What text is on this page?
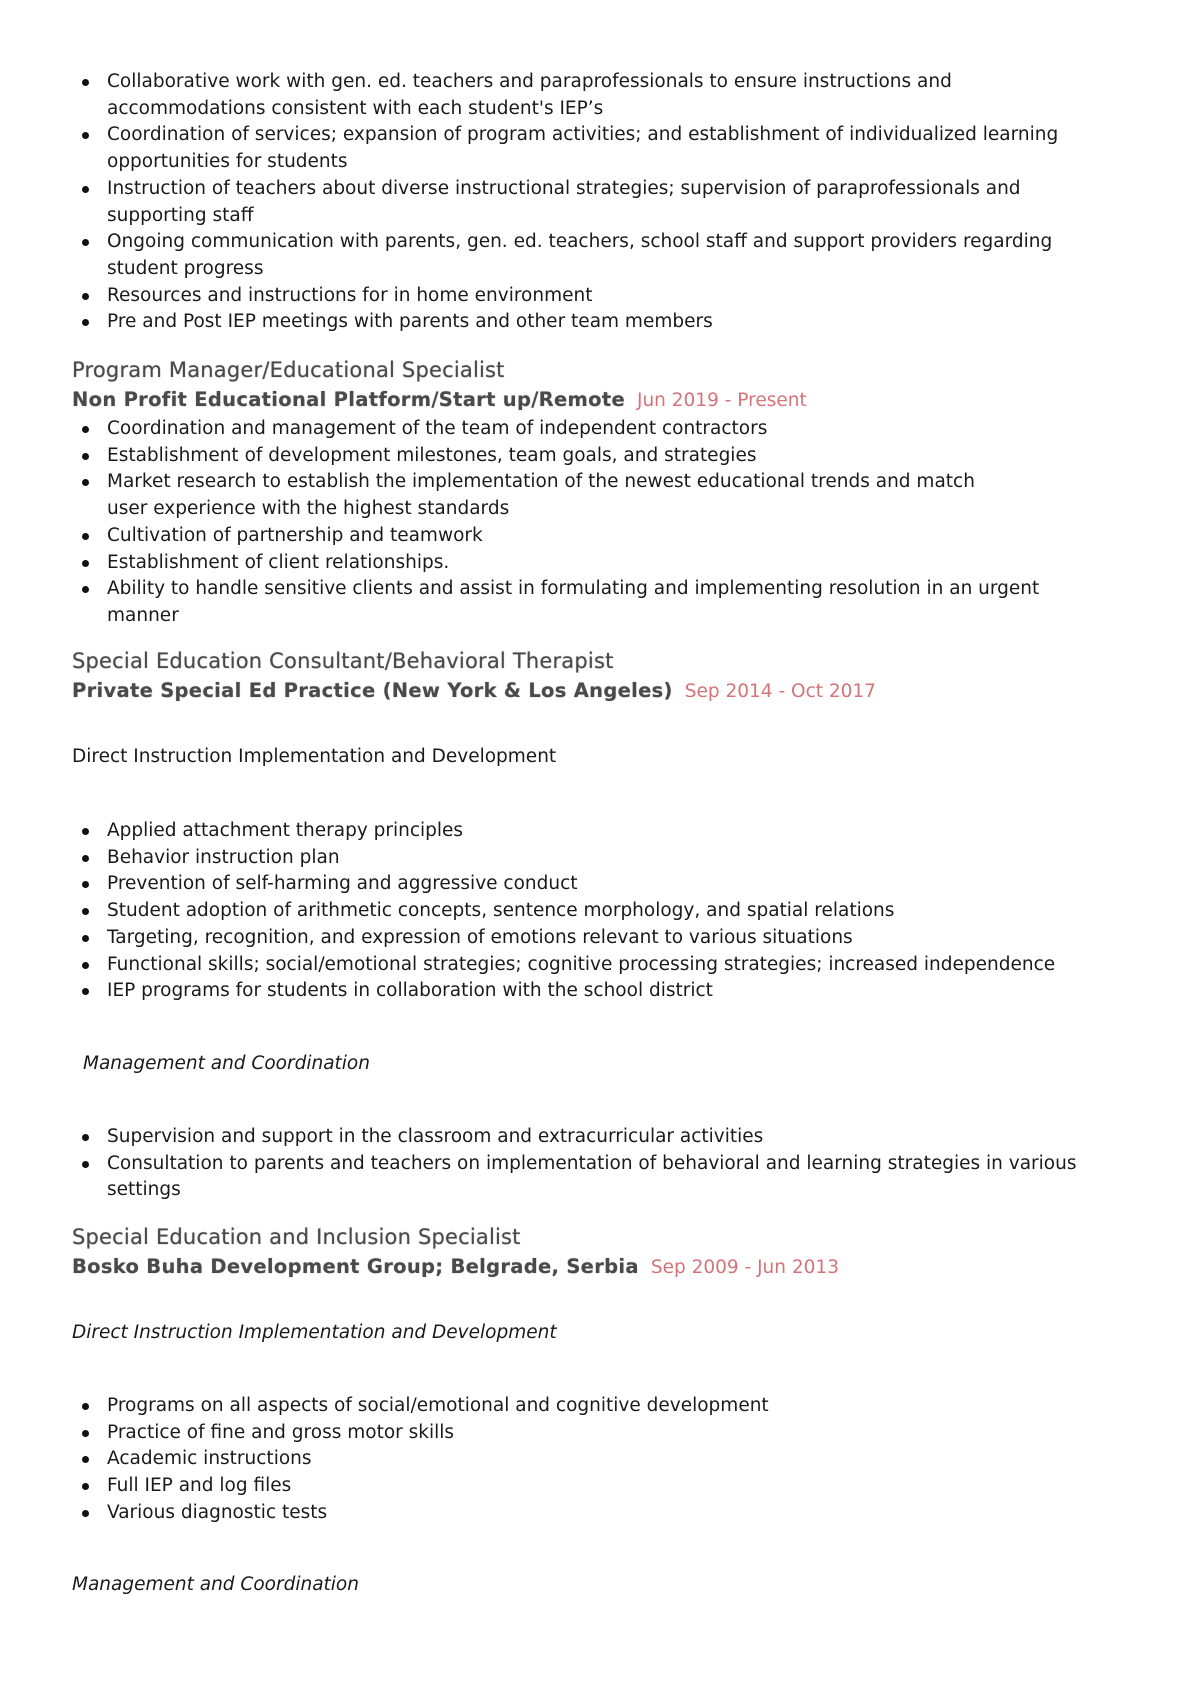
Collaborative work with gen. ed. teachers and paraprofessionals to ensure instructions and
accommodations consistent with each student's IEP’s
Coordination of services; expansion of program activities; and establishment of individualized learning
opportunities for students
Instruction of teachers about diverse instructional strategies; supervision of paraprofessionals and
supporting staff
Ongoing communication with parents, gen. ed. teachers, school staff and support providers regarding
student progress
Resources and instructions for in home environment
Pre and Post IEP meetings with parents and other team members
Program Manager/Educational Specialist
Non Profit Educational Platform/Start up/Remote Jun 2019 - Present
Coordination and management of the team of independent contractors
Establishment of development milestones, team goals, and strategies
Market research to establish the implementation of the newest educational trends and match
user experience with the highest standards
Cultivation of partnership and teamwork
Establishment of client relationships.
Ability to handle sensitive clients and assist in formulating and implementing resolution in an urgent
manner
Special Education Consultant/Behavioral Therapist
Private Special Ed Practice (New York & Los Angeles) Sep 2014 - Oct 2017
Direct Instruction Implementation and Development
Applied attachment therapy principles
Behavior instruction plan
Prevention of self-harming and aggressive conduct
Student adoption of arithmetic concepts, sentence morphology, and spatial relations
Targeting, recognition, and expression of emotions relevant to various situations
Functional skills; social/emotional strategies; cognitive processing strategies; increased independence
IEP programs for students in collaboration with the school district
Management and Coordination
Supervision and support in the classroom and extracurricular activities
Consultation to parents and teachers on implementation of behavioral and learning strategies in various
settings
Special Education and Inclusion Specialist
Bosko Buha Development Group; Belgrade, Serbia Sep 2009 - Jun 2013
Direct Instruction Implementation and Development
Programs on all aspects of social/emotional and cognitive development
Practice of fine and gross motor skills
Academic instructions
Full IEP and log files
Various diagnostic tests
Management and Coordination
